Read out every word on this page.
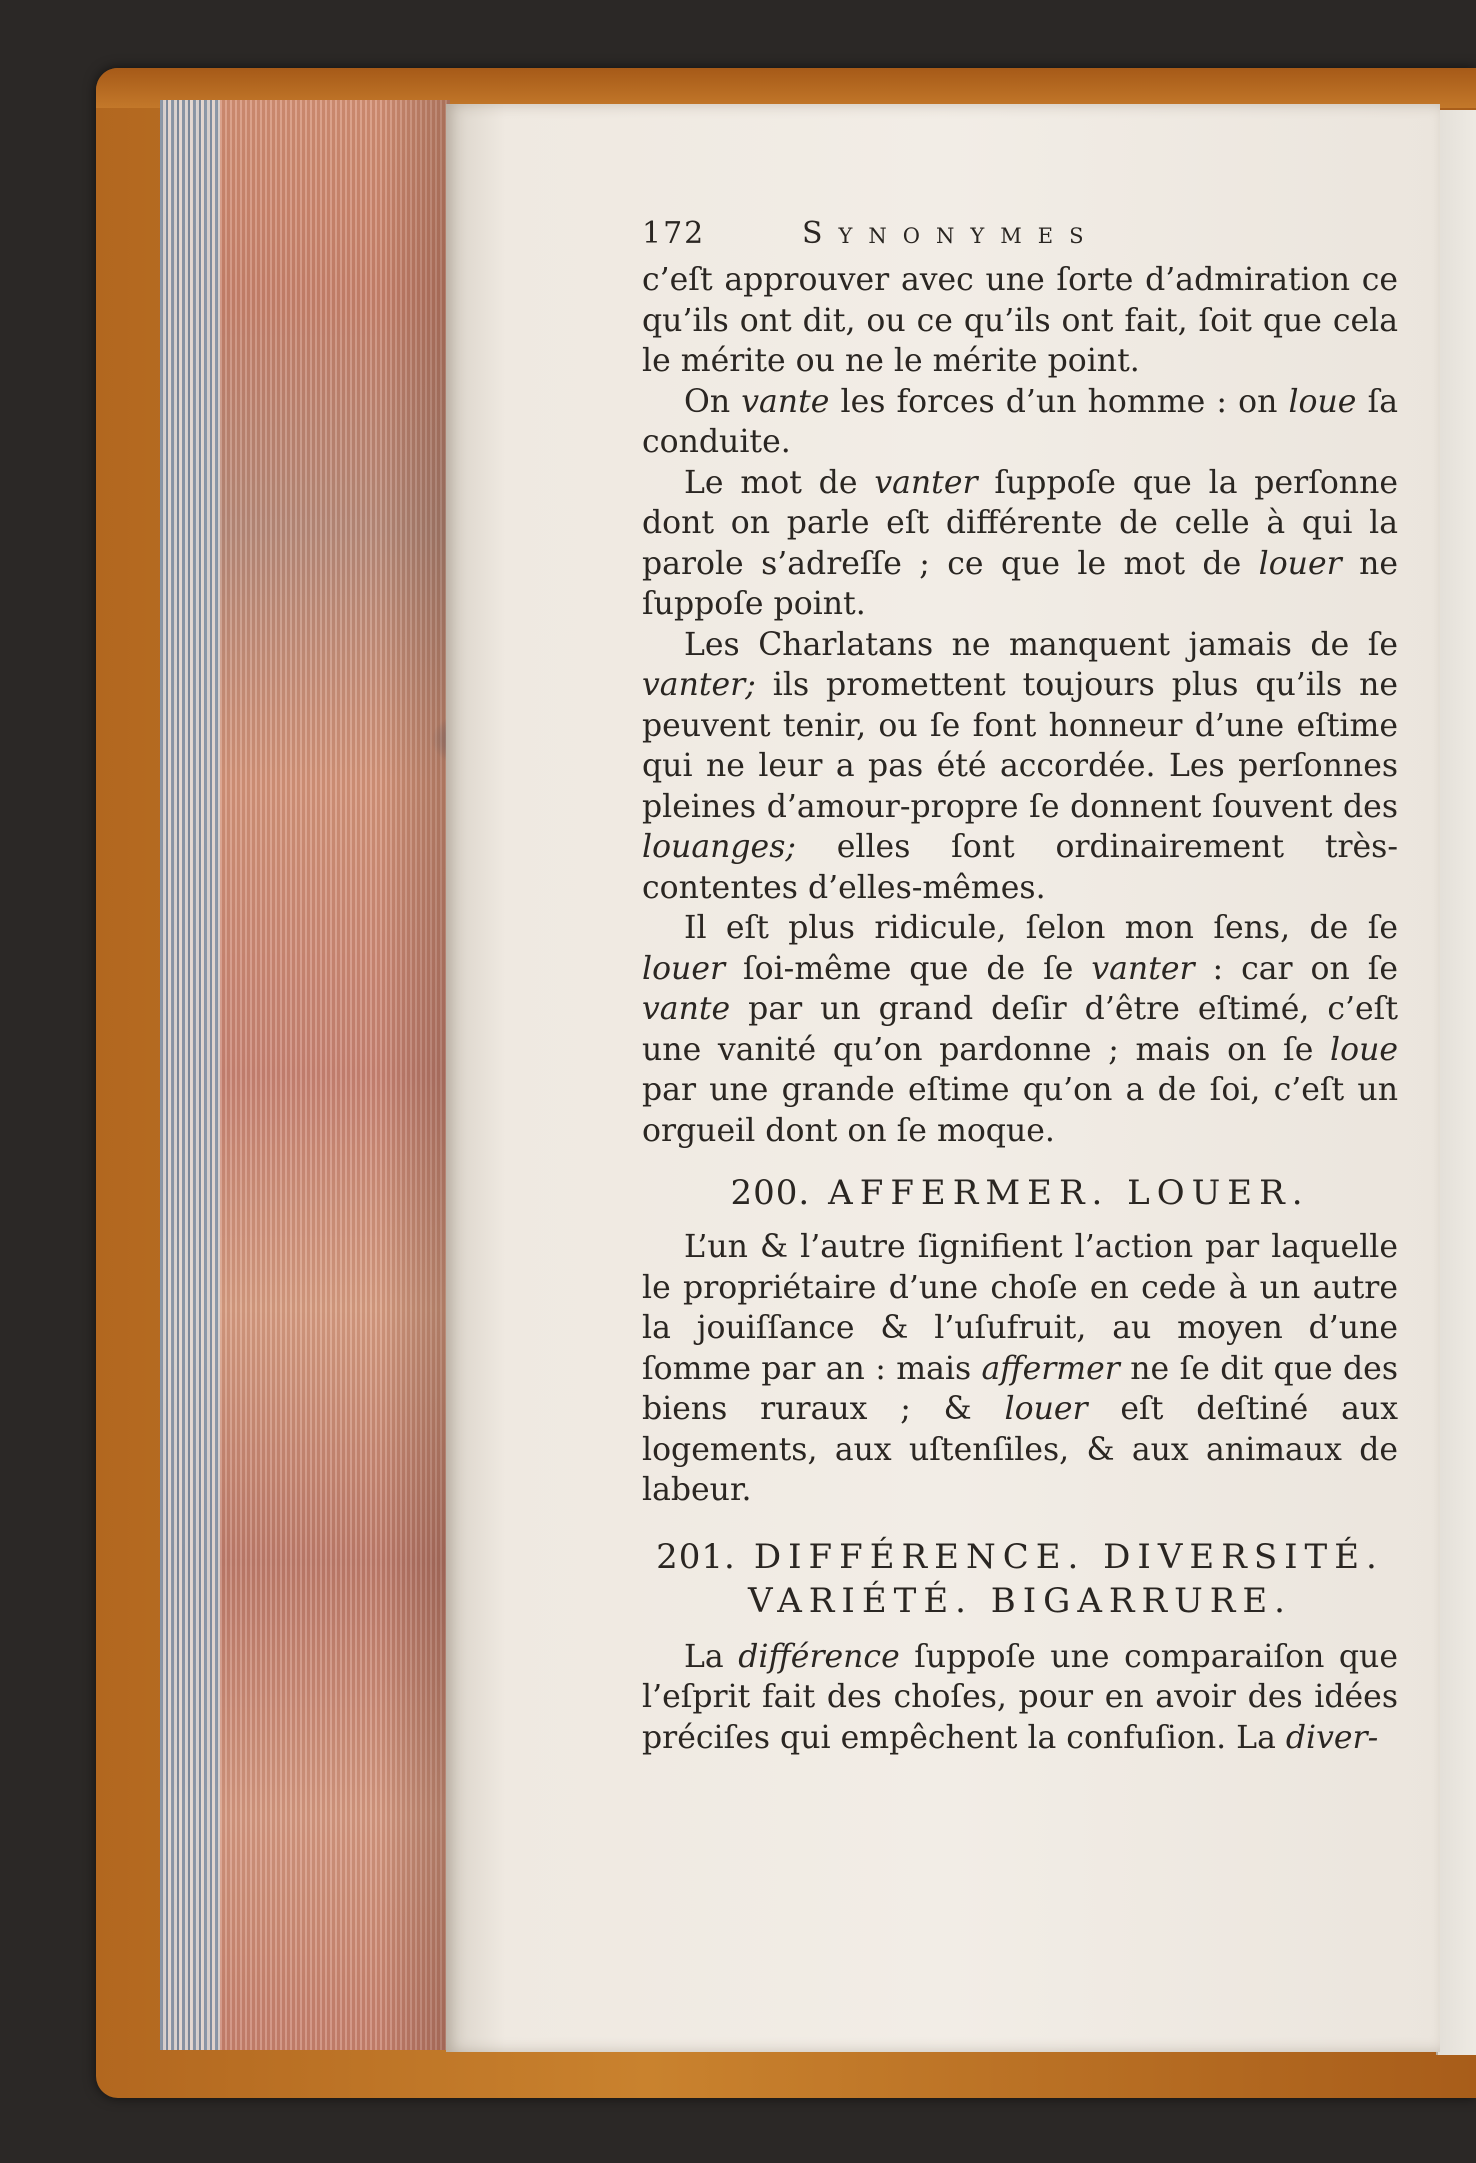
172	Synonymes

c’eſt approuver avec une ſorte d’admiration ce qu’ils ont dit, ou ce qu’ils ont fait, ſoit que cela le mérite ou ne le mérite point.

On vante les forces d’un homme : on loue ſa conduite.

Le mot de vanter ſuppoſe que la perſonne dont on parle eſt différente de celle à qui la parole s’adreſſe ; ce que le mot de louer ne ſuppoſe point.

Les Charlatans ne manquent jamais de ſe vanter; ils promettent toujours plus qu’ils ne peuvent tenir, ou ſe font honneur d’une eſtime qui ne leur a pas été accordée. Les perſonnes pleines d’amour-propre ſe donnent ſouvent des louanges; elles ſont ordinairement très-contentes d’elles-mêmes.

Il eſt plus ridicule, ſelon mon ſens, de ſe louer ſoi-même que de ſe vanter : car on ſe vante par un grand deſir d’être eſtimé, c’eſt une vanité qu’on pardonne ; mais on ſe loue par une grande eſtime qu’on a de ſoi, c’eſt un orgueil dont on ſe moque.

200. AFFERMER. LOUER.

L’un & l’autre ſignifient l’action par laquelle le propriétaire d’une choſe en cede à un autre la jouiſſance & l’uſufruit, au moyen d’une ſomme par an : mais affermer ne ſe dit que des biens ruraux ; & louer eſt deſtiné aux logements, aux uſtenſiles, & aux animaux de labeur.

201. DIFFÉRENCE. DIVERSITÉ.
VARIÉTÉ. BIGARRURE.

La différence ſuppoſe une comparaiſon que l’eſprit fait des choſes, pour en avoir des idées préciſes qui empêchent la confuſion. La diver-
